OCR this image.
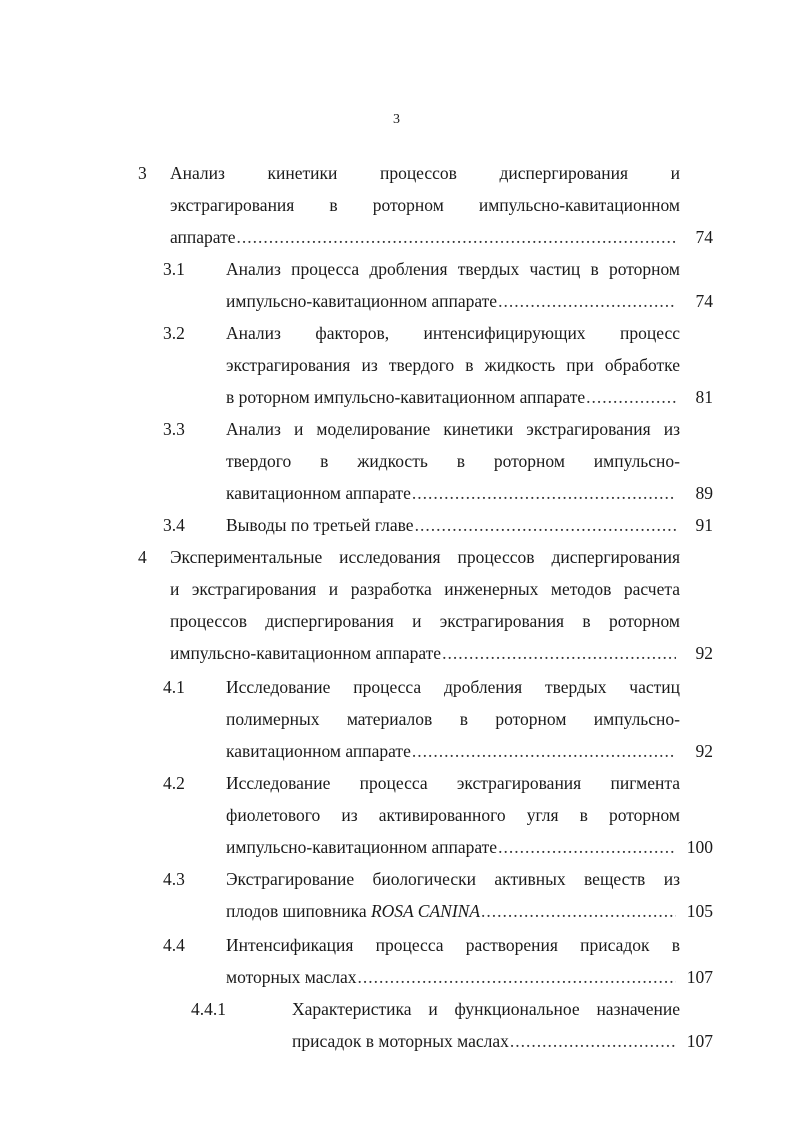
3
3 Анализ кинетики процессов диспергирования и
экстрагирования в роторном импульсно-кавитационном
аппарате .....	74
3.1 Анализ процесса дробления твердых частиц в роторном
импульсно-кавитационном аппарате .....	74
3.2 Анализ факторов, интенсифицирующих процесс
экстрагирования из твердого в жидкость при обработке
в роторном импульсно-кавитационном аппарате .....	81
3.3 Анализ и моделирование кинетики экстрагирования из
твердого в жидкость в роторном импульсно-
кавитационном аппарате .....	89
3.4 Выводы по третьей главе .....	91
4 Экспериментальные исследования процессов диспергирования
и экстрагирования и разработка инженерных методов расчета
процессов диспергирования и экстрагирования в роторном
импульсно-кавитационном аппарате .....	92
4.1 Исследование процесса дробления твердых частиц
полимерных материалов в роторном импульсно-
кавитационном аппарате .....	92
4.2 Исследование процесса экстрагирования пигмента
фиолетового из активированного угля в роторном
импульсно-кавитационном аппарате .....	100
4.3 Экстрагирование биологически активных веществ из
плодов шиповника
ROSA CANINA .....	105
4.4 Интенсификация процесса растворения присадок в
моторных маслах .....	107
4.4.1	Характеристика и функциональное назначение
присадок в моторных маслах .....	107
